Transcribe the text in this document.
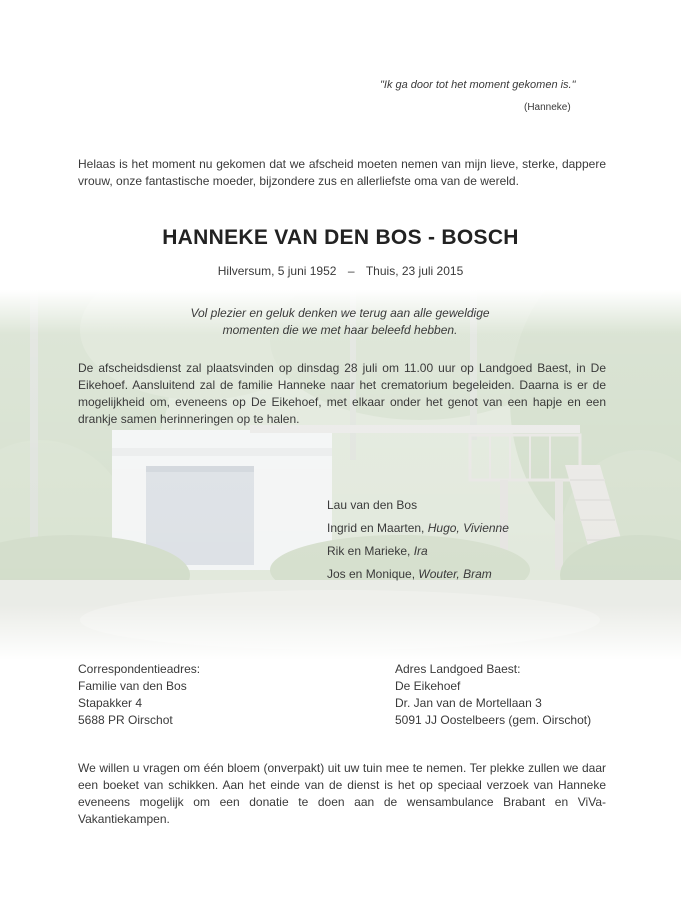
"Ik ga door tot het moment gekomen is."
(Hanneke)
Helaas is het moment nu gekomen dat we afscheid moeten nemen van mijn lieve, sterke, dappere vrouw, onze fantastische moeder, bijzondere zus en allerliefste oma van de wereld.
HANNEKE VAN DEN BOS - BOSCH
Hilversum, 5 juni 1952 – Thuis, 23 juli 2015
Vol plezier en geluk denken we terug aan alle geweldige
momenten die we met haar beleefd hebben.
De afscheidsdienst zal plaatsvinden op dinsdag 28 juli om 11.00 uur op Landgoed Baest, in De Eikehoef. Aansluitend zal de familie Hanneke naar het crematorium begeleiden. Daarna is er de mogelijkheid om, eveneens op De Eikehoef, met elkaar onder het genot van een hapje en een drankje samen herinneringen op te halen.
Lau van den Bos
Ingrid en Maarten, Hugo, Vivienne
Rik en Marieke, Ira
Jos en Monique, Wouter, Bram
Correspondentieadres:
Familie van den Bos
Stapakker 4
5688 PR Oirschot
Adres Landgoed Baest:
De Eikehoef
Dr. Jan van de Mortellaan 3
5091 JJ Oostelbeers (gem. Oirschot)
We willen u vragen om één bloem (onverpakt) uit uw tuin mee te nemen. Ter plekke zullen we daar een boeket van schikken. Aan het einde van de dienst is het op speciaal verzoek van Hanneke eveneens mogelijk om een donatie te doen aan de wensambulance Brabant en ViVa-Vakantiekampen.
